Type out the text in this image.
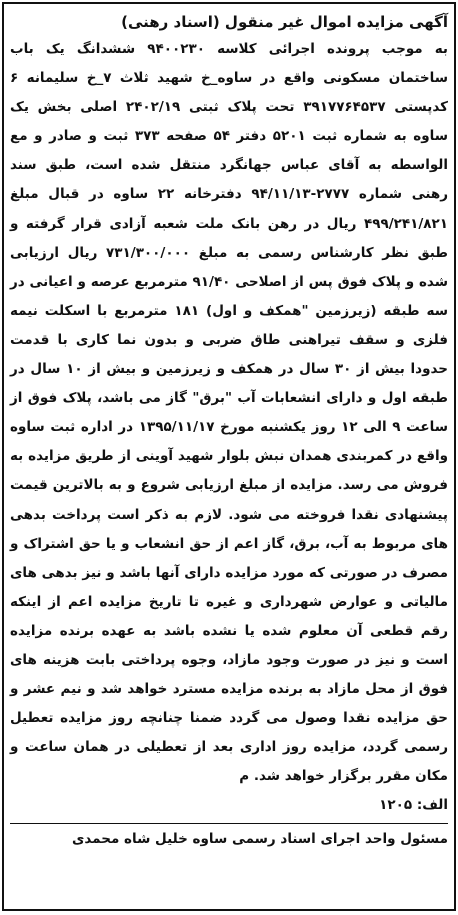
آگهی مزایده اموال غیر منقول (اسناد رهنی)

به موجب پرونده اجرائی کلاسه ۹۴۰۰۲۳۰ ششدانگ یک باب ساختمان مسکونی واقع در ساوه_خ شهید ثلاث ۷_خ سلیمانه ۶ کدپستی ۳۹۱۷۷۶۴۵۳۷ تحت پلاک ثبتی ۲۴۰۲/۱۹ اصلی بخش یک ساوه به شماره ثبت ۵۲۰۱ دفتر ۵۴ صفحه ۳۷۳ ثبت و صادر و مع الواسطه به آقای عباس جهانگرد منتقل شده است، طبق سند رهنی شماره ۲۷۷۷-۹۴/۱۱/۱۳ دفترخانه ۲۲ ساوه در قبال مبلغ ۴۹۹/۲۴۱/۸۲۱ ریال در رهن بانک ملت شعبه آزادی قرار گرفته و طبق نظر کارشناس رسمی به مبلغ ۷۳۱/۳۰۰/۰۰۰ ریال ارزیابی شده و پلاک فوق پس از اصلاحی ۹۱/۴۰ مترمربع عرصه و اعیانی در سه طبقه (زیرزمین "همکف و اول) ۱۸۱ مترمربع با اسکلت نیمه فلزی و سقف تیراهنی طاق ضربی و بدون نما کاری با قدمت حدودا بیش از ۳۰ سال در همکف و زیرزمین و بیش از ۱۰ سال در طبقه اول و دارای انشعابات آب "برق" گاز می باشد، پلاک فوق از ساعت ۹ الی ۱۲ روز یکشنبه مورخ ۱۳۹۵/۱۱/۱۷ در اداره ثبت ساوه واقع در کمربندی همدان نبش بلوار شهید آوینی از طریق مزایده به فروش می رسد. مزایده از مبلغ ارزیابی شروع و به بالاترین قیمت پیشنهادی نقدا فروخته می شود. لازم به ذکر است پرداخت بدهی های مربوط به آب، برق، گاز اعم از حق انشعاب و یا حق اشتراک و مصرف در صورتی که مورد مزایده دارای آنها باشد و نیز بدهی های مالیاتی و عوارض شهرداری و غیره تا تاریخ مزایده اعم از اینکه رقم قطعی آن معلوم شده یا نشده باشد به عهده برنده مزایده است و نیز در صورت وجود مازاد، وجوه پرداختی بابت هزینه های فوق از محل مازاد به برنده مزایده مسترد خواهد شد و نیم عشر و حق مزایده نقدا وصول می گردد ضمنا چنانچه روز مزایده تعطیل رسمی گردد، مزایده روز اداری بعد از تعطیلی در همان ساعت و مکان مقرر برگزار خواهد شد. م

الف: ۱۲۰۵

مسئول واحد اجرای اسناد رسمی ساوه خلیل شاه محمدی
